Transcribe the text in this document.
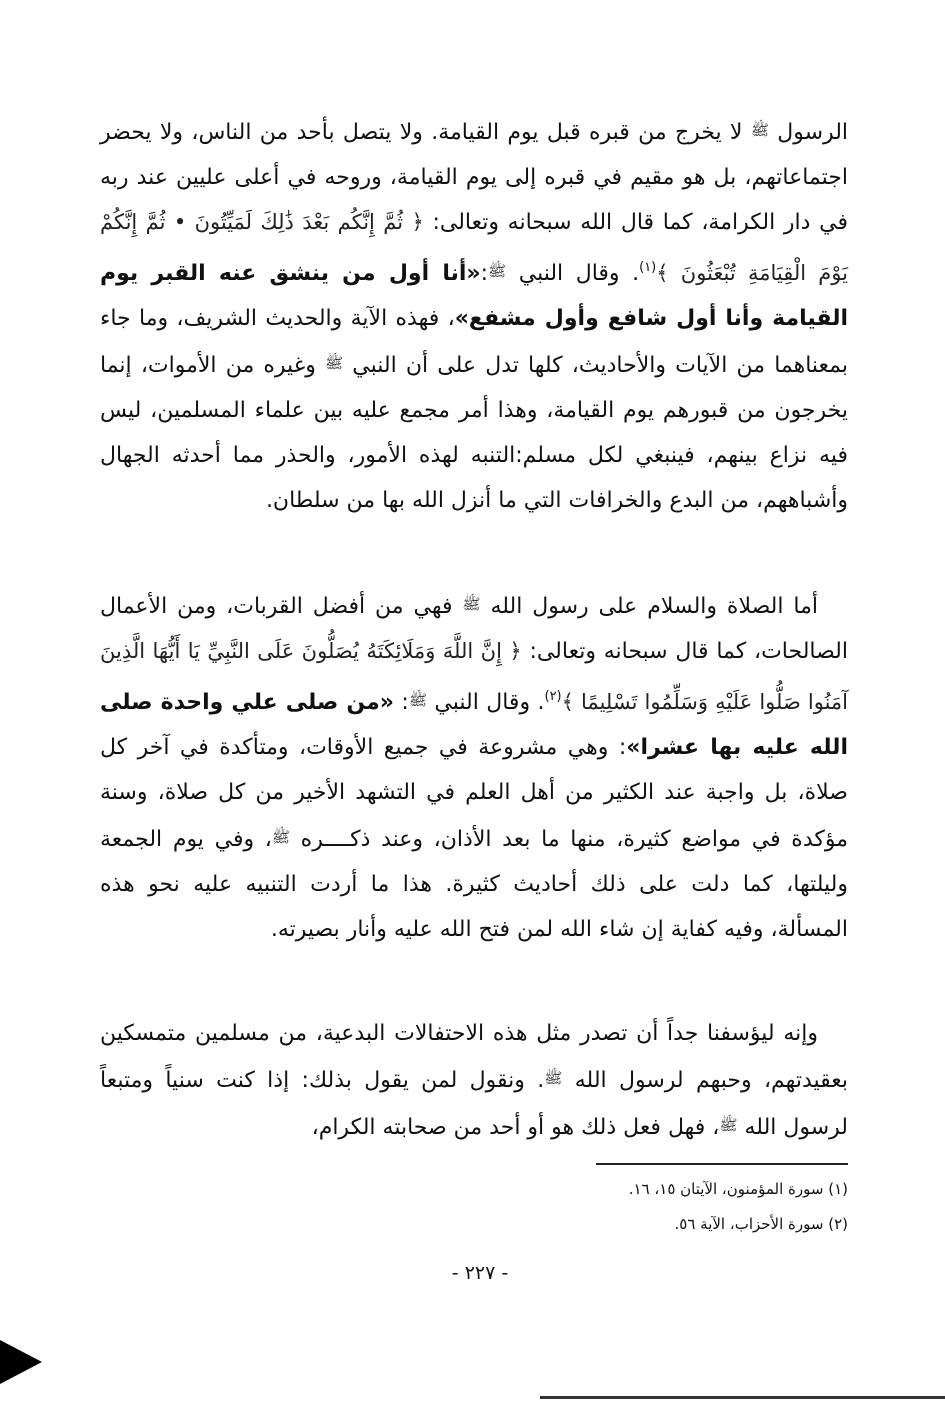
الرسول ﷺ لا يخرج من قبره قبل يوم القيامة. ولا يتصل بأحد من الناس، ولا يحضر اجتماعاتهم، بل هو مقيم في قبره إلى يوم القيامة، وروحه في أعلى عليين عند ربه في دار الكرامة، كما قال الله سبحانه وتعالى: ﴿ ثُمَّ إِنَّكُم بَعْدَ ذَٰلِكَ لَمَيِّتُونَ • ثُمَّ إِنَّكُمْ يَوْمَ الْقِيَامَةِ تُبْعَثُونَ ﴾$^{(١)}$. وقال النبي ﷺ:«أنا أول من ينشق عنه القبر يوم القيامة وأنا أول شافع وأول مشفع»، فهذه الآية والحديث الشريف، وما جاء بمعناهما من الآيات والأحاديث، كلها تدل على أن النبي ﷺ وغيره من الأموات، إنما يخرجون من قبورهم يوم القيامة، وهذا أمر مجمع عليه بين علماء المسلمين، ليس فيه نزاع بينهم، فينبغي لكل مسلم:التنبه لهذه الأمور، والحذر مما أحدثه الجهال وأشباههم، من البدع والخرافات التي ما أنزل الله بها من سلطان.

أما الصلاة والسلام على رسول الله ﷺ فهي من أفضل القربات، ومن الأعمال الصالحات، كما قال سبحانه وتعالى: ﴿ إِنَّ اللَّهَ وَمَلَائِكَتَهُ يُصَلُّونَ عَلَى النَّبِيِّ يَا أَيُّهَا الَّذِينَ آمَنُوا صَلُّوا عَلَيْهِ وَسَلِّمُوا تَسْلِيمًا ﴾$^{(٢)}$. وقال النبي ﷺ: «من صلى علي واحدة صلى الله عليه بها عشرا»: وهي مشروعة في جميع الأوقات، ومتأكدة في آخر كل صلاة، بل واجبة عند الكثير من أهل العلم في التشهد الأخير من كل صلاة، وسنة مؤكدة في مواضع كثيرة، منها ما بعد الأذان، وعند ذكــــره ﷺ، وفي يوم الجمعة وليلتها، كما دلت على ذلك أحاديث كثيرة. هذا ما أردت التنبيه عليه نحو هذه المسألة، وفيه كفاية إن شاء الله لمن فتح الله عليه وأنار بصيرته.

وإنه ليؤسفنا جداً أن تصدر مثل هذه الاحتفالات البدعية، من مسلمين متمسكين بعقيدتهم، وحبهم لرسول الله ﷺ. ونقول لمن يقول بذلك: إذا كنت سنياً ومتبعاً لرسول الله ﷺ، فهل فعل ذلك هو أو أحد من صحابته الكرام،

(١) سورة المؤمنون، الآيتان ١٥، ١٦.

(٢) سورة الأحزاب، الآية ٥٦.

- ٢٢٧ -
